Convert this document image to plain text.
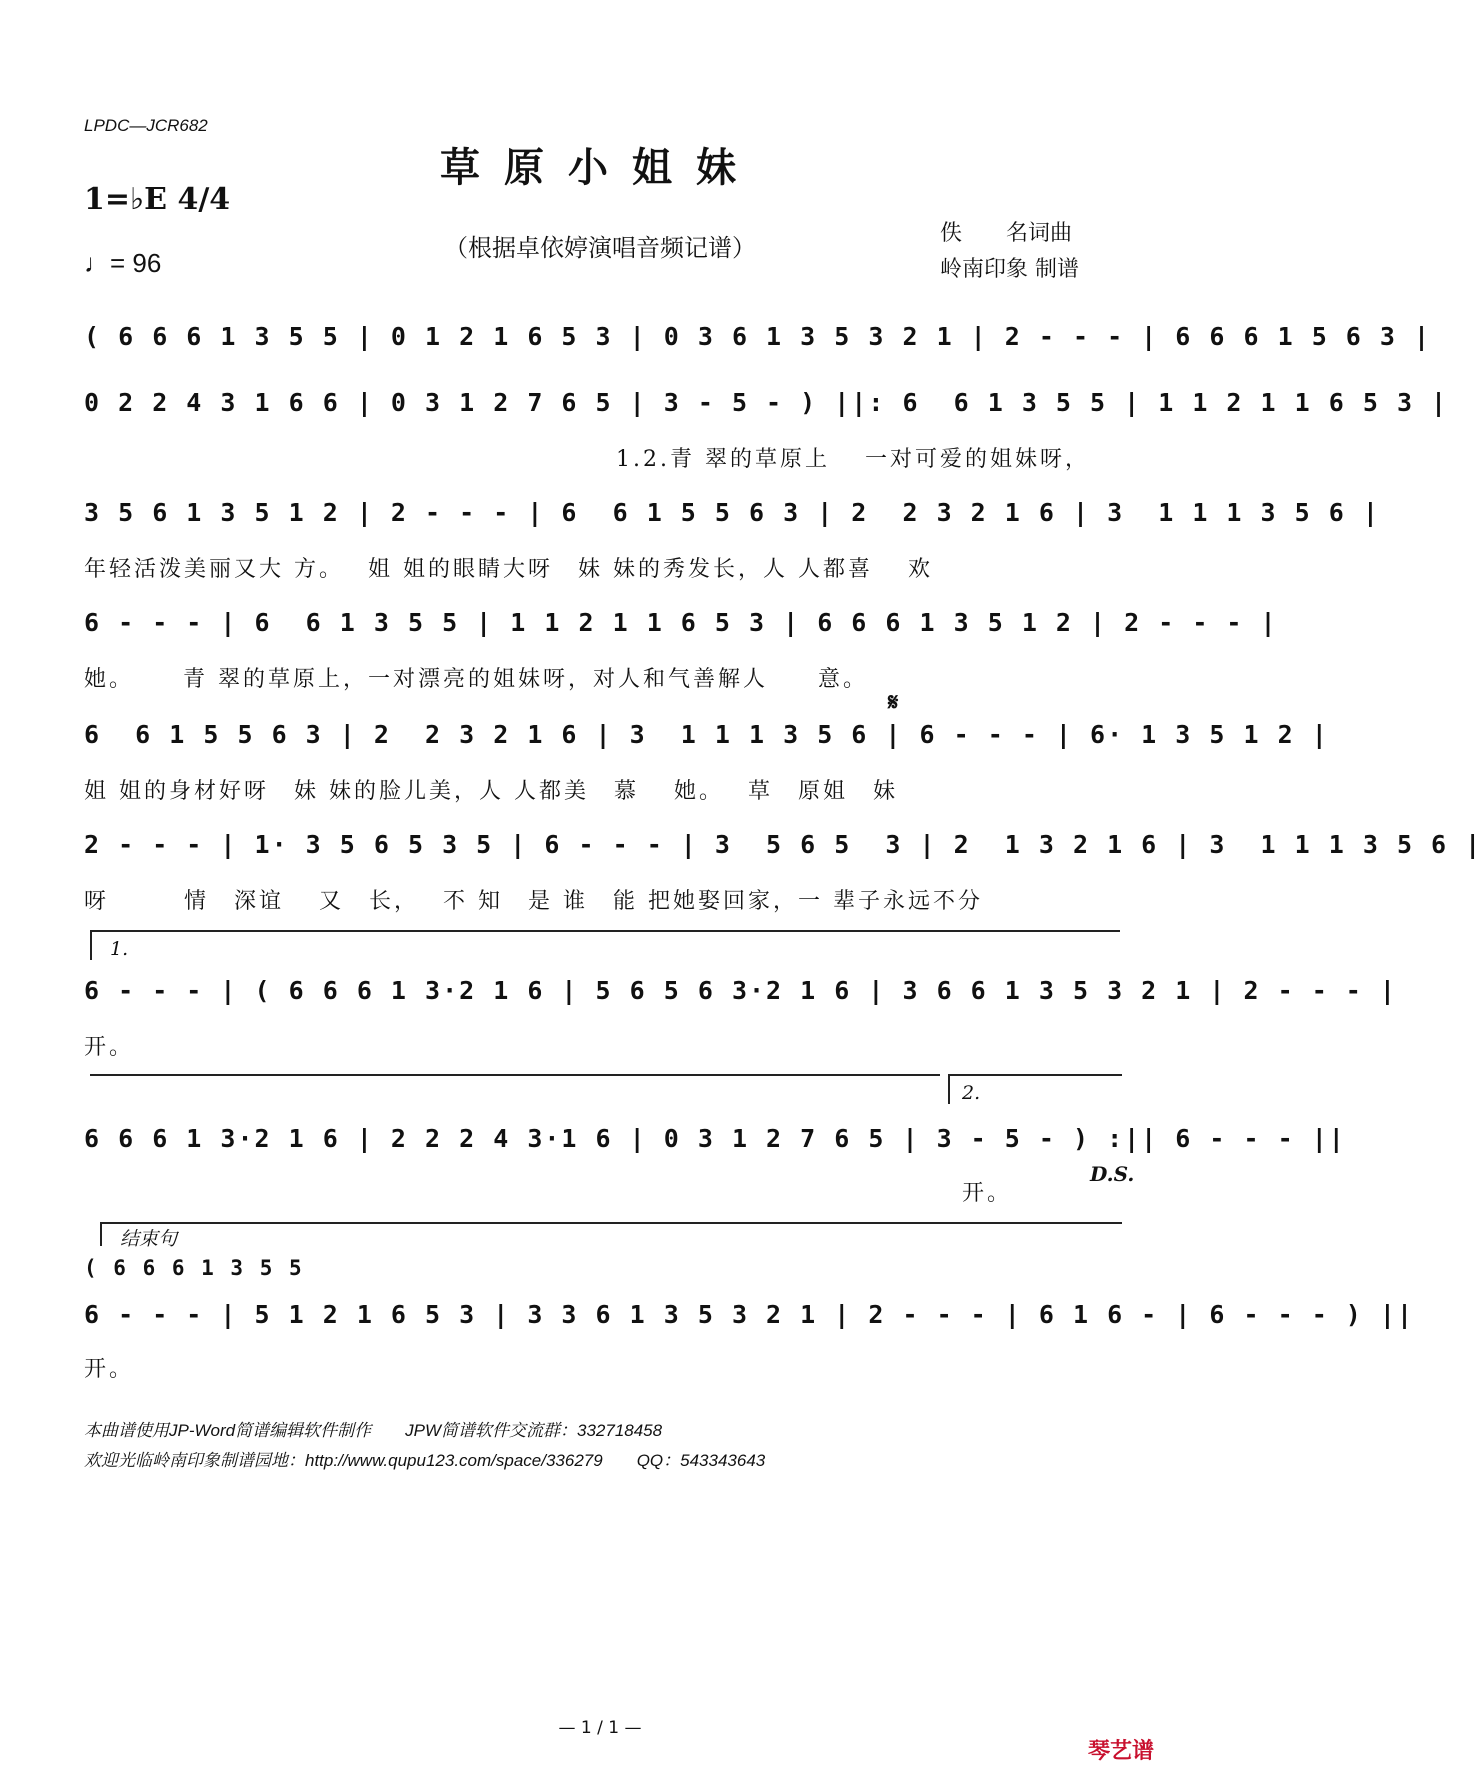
LPDC—JCR682
草原小姐妹
1=♭E 4/4
♩= 96	（根据卓依婷演唱音频记谱）
佚　　名词曲
岭南印象 制谱
( 6 6 6 1 3 5 5 | 0 1 2 1 6 5 3 | 0 3 6 1 3 5 3 2 1 | 2 - - - | 6 6 6 1 5 6 3 |
0 2 2 4 3 1 6 6 | 0 3 1 2 7 6 5 | 3 - 5 - ) ||: 6  6 1 3 5 5 | 1 1 2 1 1 6 5 3 |
1.2.青 翠的草原上　 一对可爱的姐妹呀，
3 5 6 1 3 5 1 2 | 2 - - - | 6  6 1 5 5 6 3 | 2  2 3 2 1 6 | 3  1 1 1 3 5 6 |
年轻活泼美丽又大 方。　 姐 姐的眼睛大呀　妹 妹的秀发长，人 人都喜　 欢
6 - - - | 6  6 1 3 5 5 | 1 1 2 1 1 6 5 3 | 6 6 6 1 3 5 1 2 | 2 - - - |
她。　　 青 翠的草原上，一对漂亮的姐妹呀，对人和气善解人　　意。
𝄋
6  6 1 5 5 6 3 | 2  2 3 2 1 6 | 3  1 1 1 3 5 6 | 6 - - - | 6· 1 3 5 1 2 |
姐 姐的身材好呀　妹 妹的脸儿美，人 人都美　慕　 她。　 草　原姐　妹
2 - - - | 1· 3 5 6 5 3 5 | 6 - - - | 3  5 6 5  3 | 2  1 3 2 1 6 | 3  1 1 1 3 5 6 |
呀　　　情　深谊　 又　长，　 不 知　是 谁　能 把她娶回家，一 辈子永远不分
1.
6 - - - | ( 6 6 6 1 3·2 1 6 | 5 6 5 6 3·2 1 6 | 3 6 6 1 3 5 3 2 1 | 2 - - - |
开。
6 6 6 1 3·2 1 6 | 2 2 2 4 3·1 6 | 0 3 1 2 7 6 5 | 3 - 5 - ) :|| 6 - - - ||
2.
开。
D.S.
结束句
( 6 6 6 1 3 5 5
6 - - - | 5 1 2 1 6 5 3 | 3 3 6 1 3 5 3 2 1 | 2 - - - | 6 1 6 - | 6 - - - ) ||
开。
本曲谱使用JP-Word简谱编辑软件制作　　JPW简谱软件交流群：332718458
欢迎光临岭南印象制谱园地：http://www.qupu123.com/space/336279　　QQ：543343643
— 1 / 1 —
琴艺谱
